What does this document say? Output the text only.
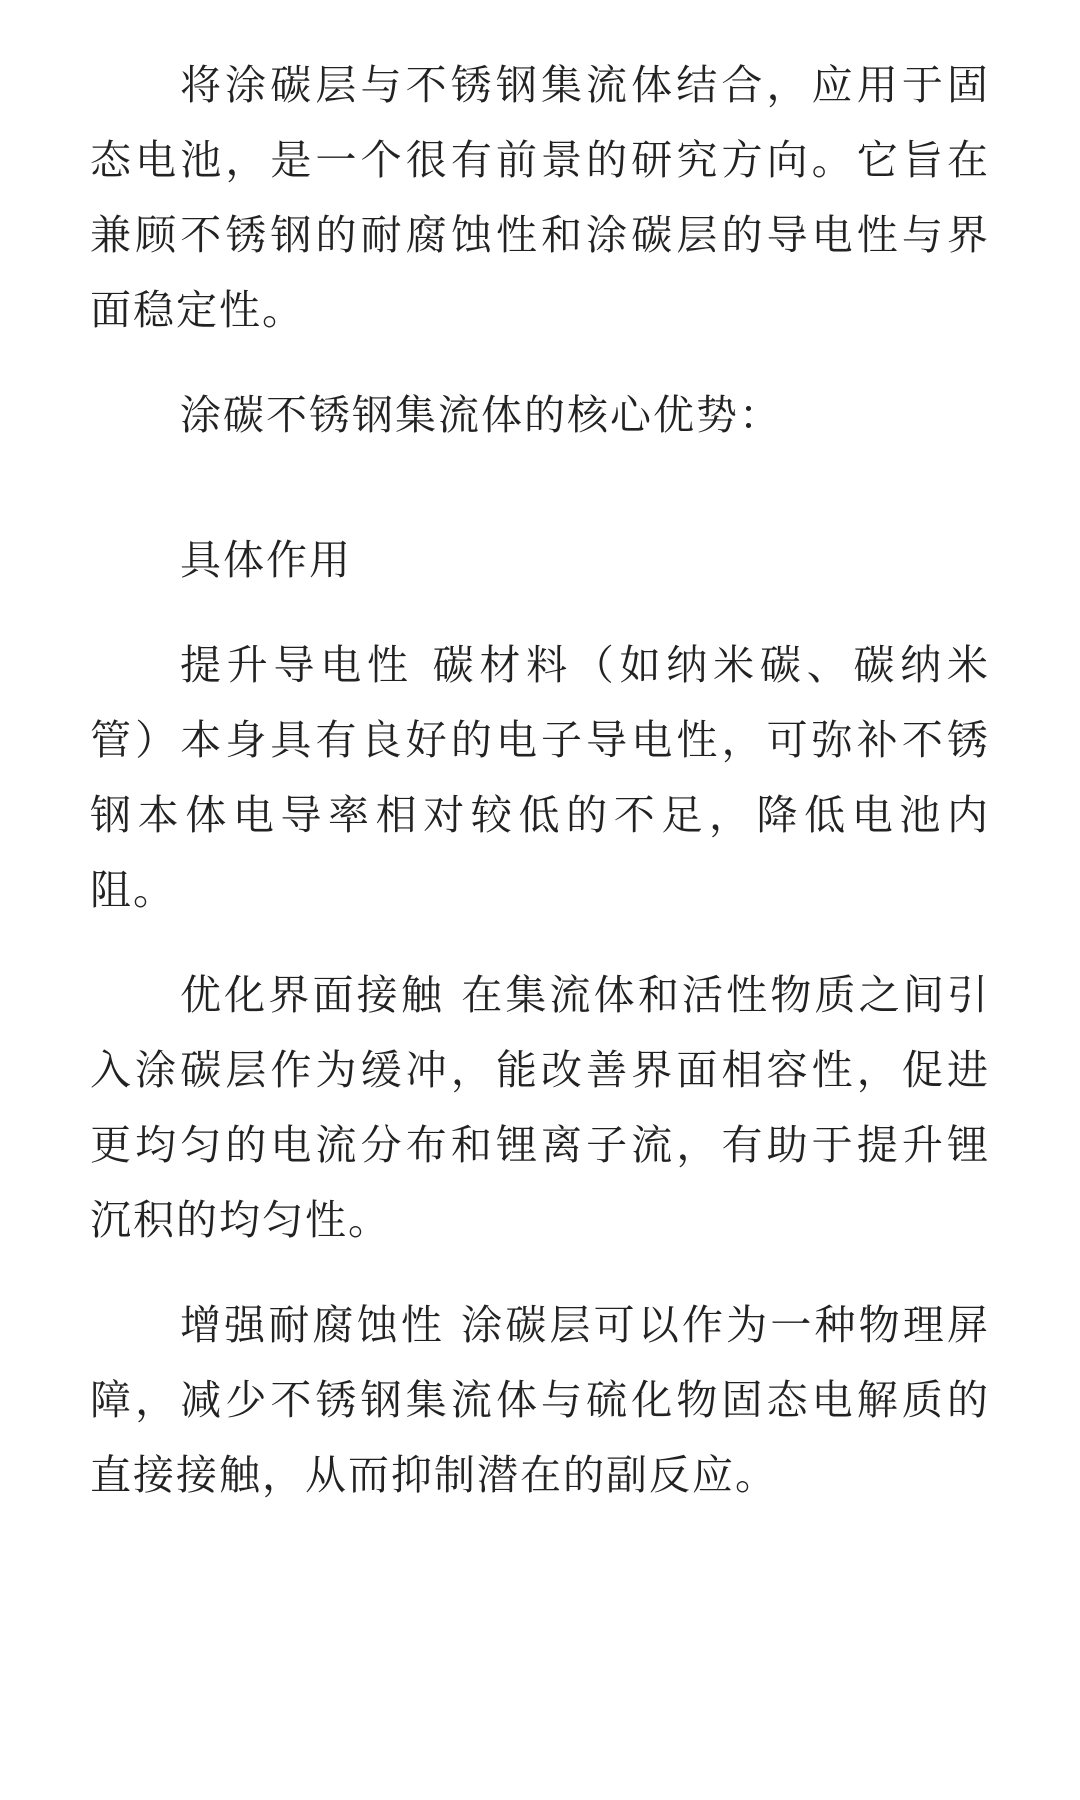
将涂碳层与不锈钢集流体结合，应用于固态电池，是一个很有前景的研究方向。它旨在兼顾不锈钢的耐腐蚀性和涂碳层的导电性与界面稳定性。

涂碳不锈钢集流体的核心优势：

具体作用

提升导电性 碳材料（如纳米碳、碳纳米管）本身具有良好的电子导电性，可弥补不锈钢本体电导率相对较低的不足，降低电池内阻。

优化界面接触 在集流体和活性物质之间引入涂碳层作为缓冲，能改善界面相容性，促进更均匀的电流分布和锂离子流，有助于提升锂沉积的均匀性。

增强耐腐蚀性 涂碳层可以作为一种物理屏障，减少不锈钢集流体与硫化物固态电解质的直接接触，从而抑制潜在的副反应。
